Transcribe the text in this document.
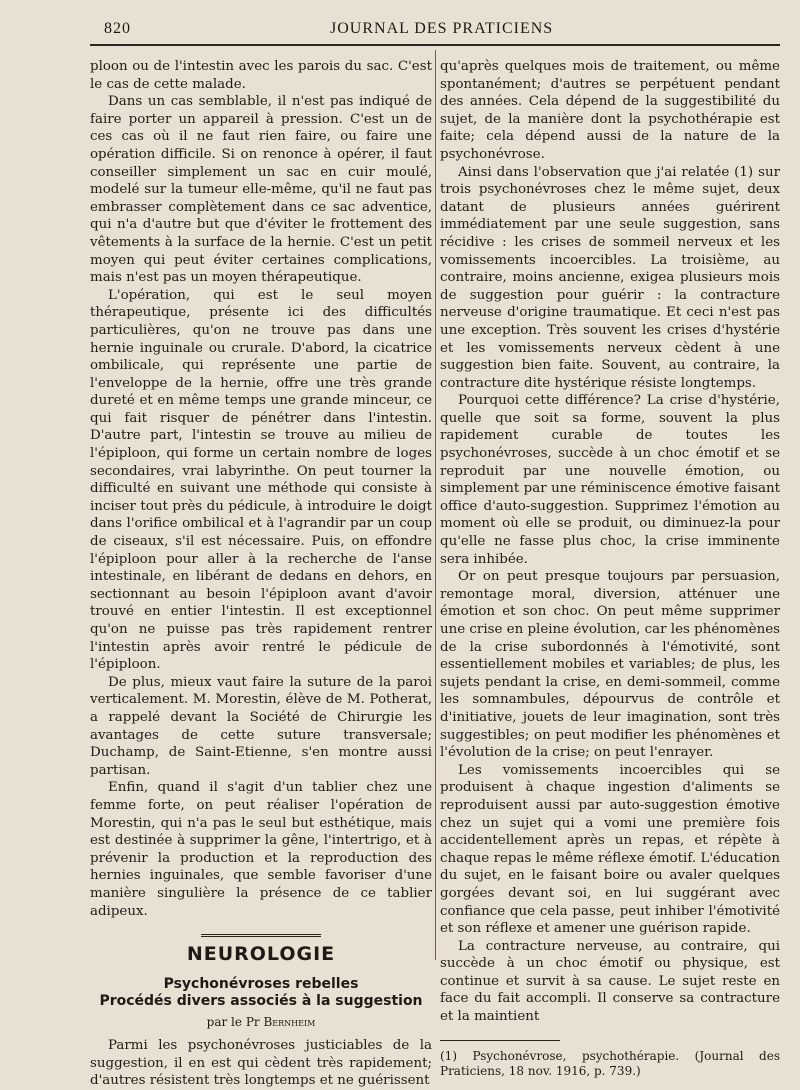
820	JOURNAL DES PRATICIENS

ploon ou de l'intestin avec les parois du sac. C'est le cas de cette malade.

Dans un cas semblable, il n'est pas indiqué de faire porter un appareil à pression. C'est un de ces cas où il ne faut rien faire, ou faire une opération difficile. Si on renonce à opérer, il faut conseiller simplement un sac en cuir moulé, modelé sur la tumeur elle-même, qu'il ne faut pas embrasser complètement dans ce sac adventice, qui n'a d'autre but que d'éviter le frottement des vêtements à la surface de la hernie. C'est un petit moyen qui peut éviter certaines complications, mais n'est pas un moyen thérapeutique.

L'opération, qui est le seul moyen thérapeutique, présente ici des difficultés particulières, qu'on ne trouve pas dans une hernie inguinale ou crurale. D'abord, la cicatrice ombilicale, qui représente une partie de l'enveloppe de la hernie, offre une très grande dureté et en même temps une grande minceur, ce qui fait risquer de pénétrer dans l'intestin. D'autre part, l'intestin se trouve au milieu de l'épiploon, qui forme un certain nombre de loges secondaires, vrai labyrinthe. On peut tourner la difficulté en suivant une méthode qui consiste à inciser tout près du pédicule, à introduire le doigt dans l'orifice ombilical et à l'agrandir par un coup de ciseaux, s'il est nécessaire. Puis, on effondre l'épiploon pour aller à la recherche de l'anse intestinale, en libérant de dedans en dehors, en sectionnant au besoin l'épiploon avant d'avoir trouvé en entier l'intestin. Il est exceptionnel qu'on ne puisse pas très rapidement rentrer l'intestin après avoir rentré le pédicule de l'épiploon.

De plus, mieux vaut faire la suture de la paroi verticalement. M. Morestin, élève de M. Potherat, a rappelé devant la Société de Chirurgie les avantages de cette suture transversale; Duchamp, de Saint-Etienne, s'en montre aussi partisan.

Enfin, quand il s'agit d'un tablier chez une femme forte, on peut réaliser l'opération de Morestin, qui n'a pas le seul but esthétique, mais est destinée à supprimer la gêne, l'intertrigo, et à prévenir la production et la reproduction des hernies inguinales, que semble favoriser d'une manière singulière la présence de ce tablier adipeux.

NEUROLOGIE
Psychonévroses rebelles
Procédés divers associés à la suggestion
par le Pr Bernheim

Parmi les psychonévroses justiciables de la suggestion, il en est qui cèdent très rapidement; d'autres résistent très longtemps et ne guérissent

qu'après quelques mois de traitement, ou même spontanément; d'autres se perpétuent pendant des années. Cela dépend de la suggestibilité du sujet, de la manière dont la psychothérapie est faite; cela dépend aussi de la nature de la psychonévrose.

Ainsi dans l'observation que j'ai relatée (1) sur trois psychonévroses chez le même sujet, deux datant de plusieurs années guérirent immédiatement par une seule suggestion, sans récidive : les crises de sommeil nerveux et les vomissements incoercibles. La troisième, au contraire, moins ancienne, exigea plusieurs mois de suggestion pour guérir : la contracture nerveuse d'origine traumatique. Et ceci n'est pas une exception. Très souvent les crises d'hystérie et les vomissements nerveux cèdent à une suggestion bien faite. Souvent, au contraire, la contracture dite hystérique résiste longtemps.

Pourquoi cette différence? La crise d'hystérie, quelle que soit sa forme, souvent la plus rapidement curable de toutes les psychonévroses, succède à un choc émotif et se reproduit par une nouvelle émotion, ou simplement par une réminiscence émotive faisant office d'auto-suggestion. Supprimez l'émotion au moment où elle se produit, ou diminuez-la pour qu'elle ne fasse plus choc, la crise imminente sera inhibée.

Or on peut presque toujours par persuasion, remontage moral, diversion, atténuer une émotion et son choc. On peut même supprimer une crise en pleine évolution, car les phénomènes de la crise subordonnés à l'émotivité, sont essentiellement mobiles et variables; de plus, les sujets pendant la crise, en demi-sommeil, comme les somnambules, dépourvus de contrôle et d'initiative, jouets de leur imagination, sont très suggestibles; on peut modifier les phénomènes et l'évolution de la crise; on peut l'enrayer.

Les vomissements incoercibles qui se produisent à chaque ingestion d'aliments se reproduisent aussi par auto-suggestion émotive chez un sujet qui a vomi une première fois accidentellement après un repas, et répète à chaque repas le même réflexe émotif. L'éducation du sujet, en le faisant boire ou avaler quelques gorgées devant soi, en lui suggérant avec confiance que cela passe, peut inhiber l'émotivité et son réflexe et amener une guérison rapide.

La contracture nerveuse, au contraire, qui succède à un choc émotif ou physique, est continue et survit à sa cause. Le sujet reste en face du fait accompli. Il conserve sa contracture et la maintient

(1) Psychonévrose, psychothérapie. (Journal des Praticiens, 18 nov. 1916, p. 739.)
